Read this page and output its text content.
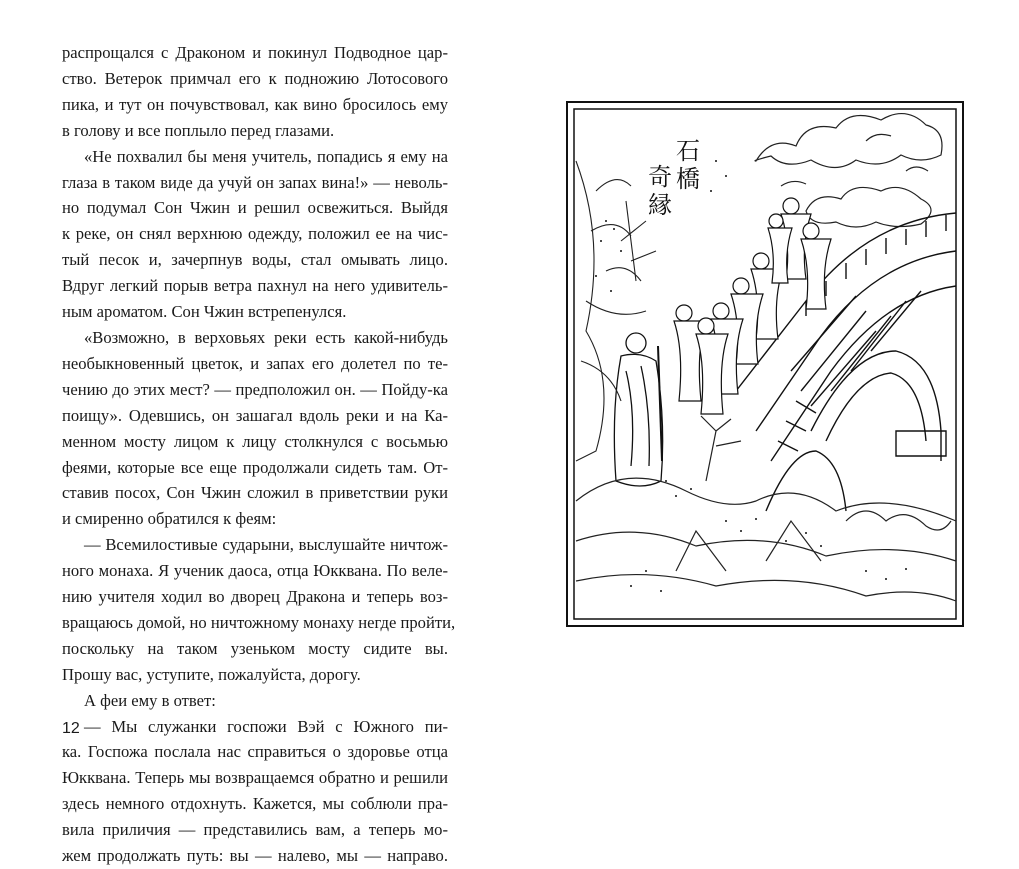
распрощался с Драконом и покинул Подводное цар-
ство. Ветерок примчал его к подножию Лотосового
пика, и тут он почувствовал, как вино бросилось ему
в голову и все поплыло перед глазами.
«Не похвалил бы меня учитель, попадись я ему на
глаза в таком виде да учуй он запах вина!» — неволь-
но подумал Сон Чжин и решил освежиться. Выйдя
к реке, он снял верхнюю одежду, положил ее на чис-
тый песок и, зачерпнув воды, стал омывать лицо.
Вдруг легкий порыв ветра пахнул на него удивитель-
ным ароматом. Сон Чжин встрепенулся.
«Возможно, в верховьях реки есть какой-нибудь
необыкновенный цветок, и запах его долетел по те-
чению до этих мест? — предположил он. — Пойду-ка
поищу». Одевшись, он зашагал вдоль реки и на Ка-
менном мосту лицом к лицу столкнулся с восьмью
феями, которые все еще продолжали сидеть там. От-
ставив посох, Сон Чжин сложил в приветствии руки
и смиренно обратился к феям:
— Всемилостивые сударыни, выслушайте ничтож-
ного монаха. Я ученик даоса, отца Юкквана. По веле-
нию учителя ходил во дворец Дракона и теперь воз-
вращаюсь домой, но ничтожному монаху негде пройти,
поскольку на таком узеньком мосту сидите вы.
Прошу вас, уступите, пожалуйста, дорогу.
А феи ему в ответ:
— Мы служанки госпожи Вэй с Южного пи-
ка. Госпожа послала нас справиться о здоровье отца
Юкквана. Теперь мы возвращаемся обратно и решили
здесь немного отдохнуть. Кажется, мы соблюли пра-
вила приличия — представились вам, а теперь мо-
жем продолжать путь: вы — налево, мы — направо.
12
石
橋
奇
縁
